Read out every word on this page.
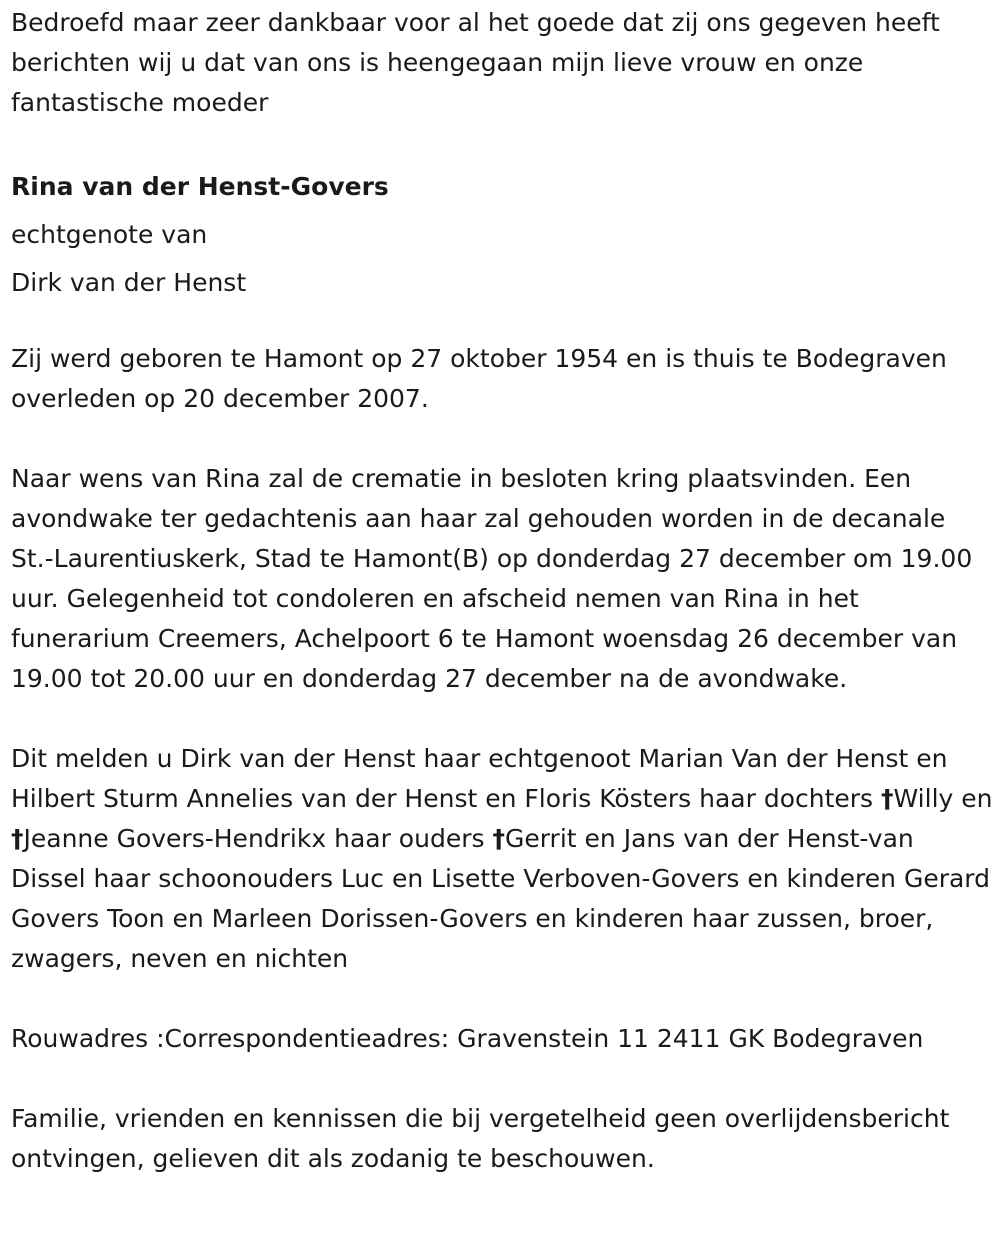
Bedroefd maar zeer dankbaar voor al het goede dat zij ons gegeven heeft berichten wij u dat van ons is heengegaan mijn lieve vrouw en onze fantastische moeder

Rina van der Henst-Govers

echtgenote van

Dirk van der Henst

Zij werd geboren te Hamont op 27 oktober 1954 en is thuis te Bodegraven overleden op 20 december 2007.

Naar wens van Rina zal de crematie in besloten kring plaatsvinden. Een avondwake ter gedachtenis aan haar zal gehouden worden in de decanale St.-Laurentiuskerk, Stad te Hamont(B) op donderdag 27 december om 19.00 uur. Gelegenheid tot condoleren en afscheid nemen van Rina in het funerarium Creemers, Achelpoort 6 te Hamont woensdag 26 december van 19.00 tot 20.00 uur en donderdag 27 december na de avondwake.

Dit melden u Dirk van der Henst haar echtgenoot Marian Van der Henst en Hilbert Sturm Annelies van der Henst en Floris Kösters haar dochters †Willy en †Jeanne Govers-Hendrikx haar ouders †Gerrit en Jans van der Henst-van Dissel haar schoonouders Luc en Lisette Verboven-Govers en kinderen Gerard Govers Toon en Marleen Dorissen-Govers en kinderen haar zussen, broer, zwagers, neven en nichten

Rouwadres :Correspondentieadres: Gravenstein 11 2411 GK Bodegraven

Familie, vrienden en kennissen die bij vergetelheid geen overlijdensbericht ontvingen, gelieven dit als zodanig te beschouwen.
